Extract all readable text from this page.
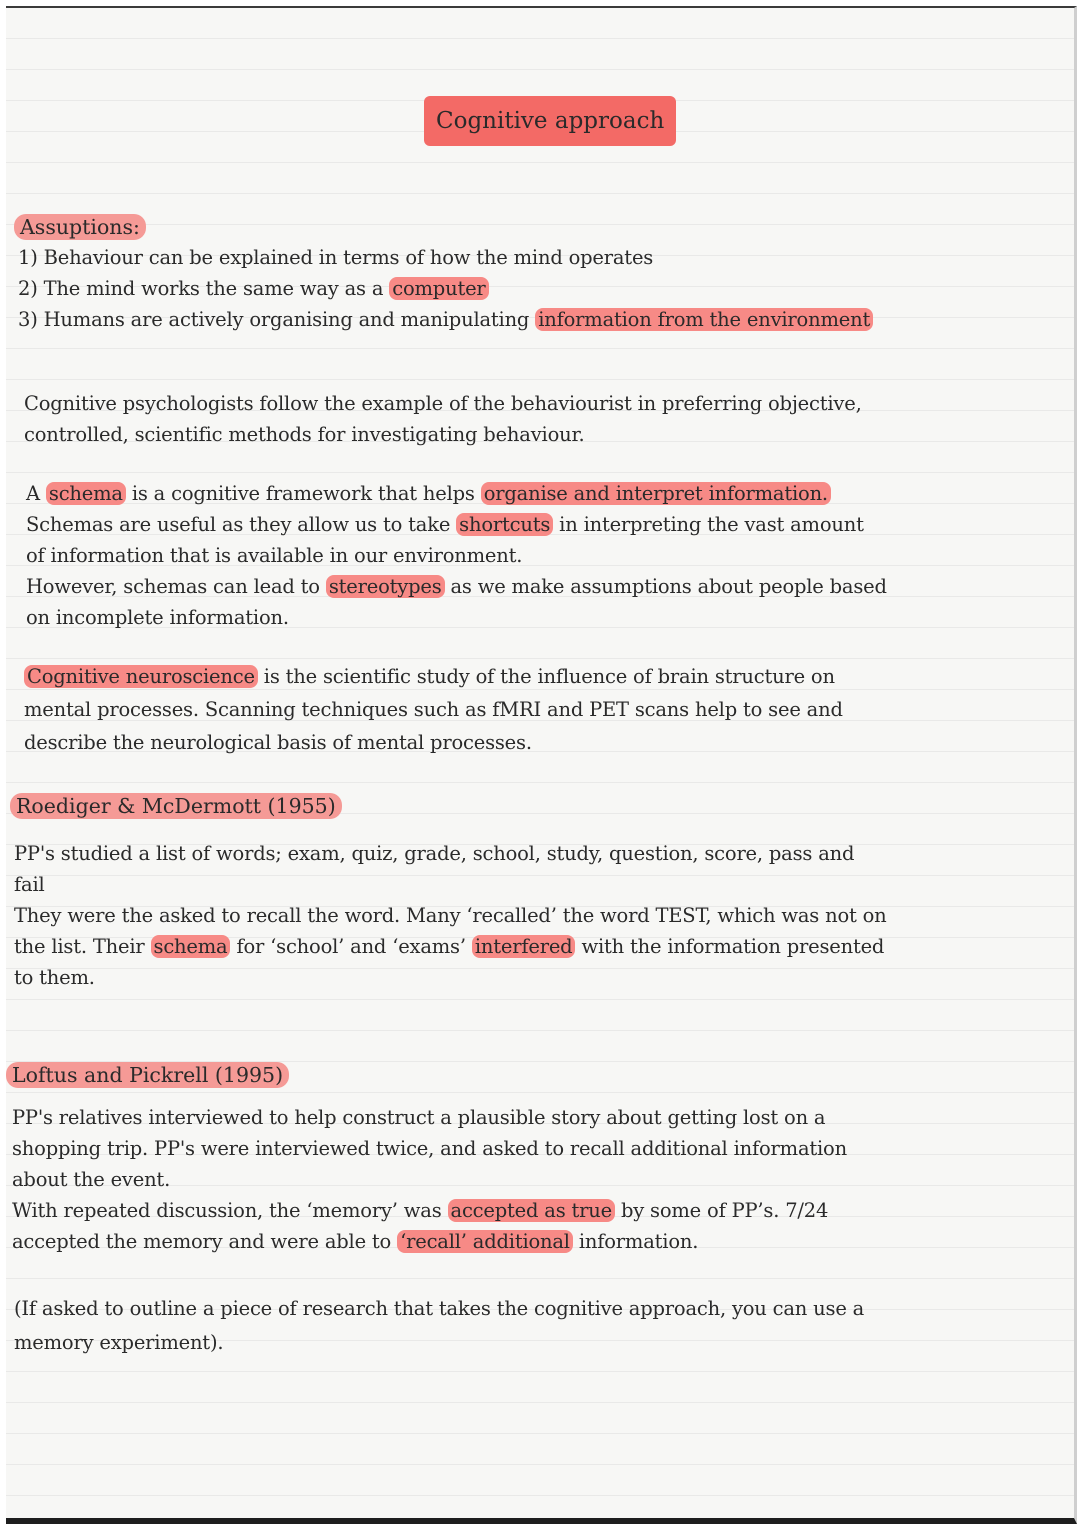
Cognitive approach
Assuptions:
1) Behaviour can be explained in terms of how the mind operates
2) The mind works the same way as a computer
3) Humans are actively organising and manipulating information from the environment
Cognitive psychologists follow the example of the behaviourist in preferring objective,
controlled, scientific methods for investigating behaviour.
A schema is a cognitive framework that helps organise and interpret information.
Schemas are useful as they allow us to take shortcuts in interpreting the vast amount
of information that is available in our environment.
However, schemas can lead to stereotypes as we make assumptions about people based
on incomplete information.
Cognitive neuroscience is the scientific study of the influence of brain structure on
mental processes. Scanning techniques such as fMRI and PET scans help to see and
describe the neurological basis of mental processes.
Roediger & McDermott (1955)
PP's studied a list of words; exam, quiz, grade, school, study, question, score, pass and
fail
They were the asked to recall the word. Many ‘recalled’ the word TEST, which was not on
the list. Their schema for ‘school’ and ‘exams’ interfered with the information presented
to them.
Loftus and Pickrell (1995)
PP's relatives interviewed to help construct a plausible story about getting lost on a
shopping trip. PP's were interviewed twice, and asked to recall additional information
about the event.
With repeated discussion, the ‘memory’ was accepted as true by some of PP’s. 7/24
accepted the memory and were able to ‘recall’ additional information.
(If asked to outline a piece of research that takes the cognitive approach, you can use a
memory experiment).
